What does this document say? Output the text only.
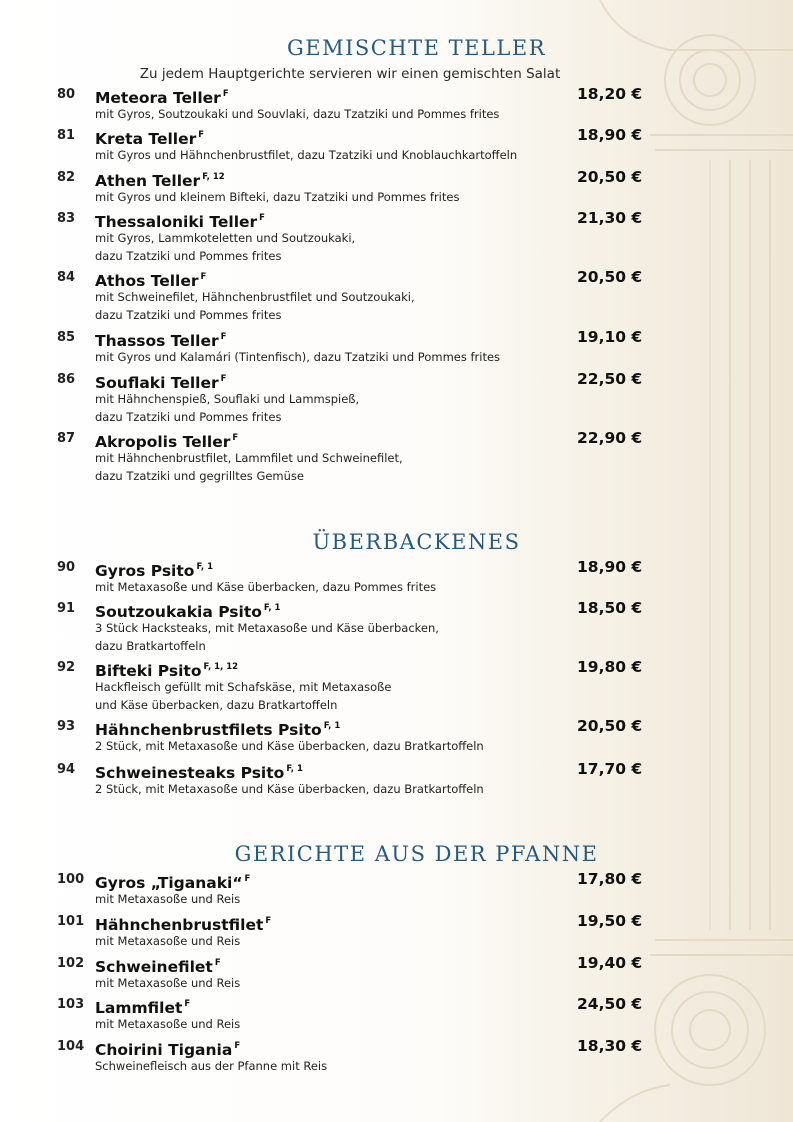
GEMISCHTE TELLER
Zu jedem Hauptgerichte servieren wir einen gemischten Salat
80 Meteora Teller $^F$	18,20 €
mit Gyros, Soutzoukaki und Souvlaki, dazu Tzatziki und Pommes frites
81 Kreta Teller $^F$	18,90 €
mit Gyros und Hähnchenbrustfilet, dazu Tzatziki und Knoblauchkartoffeln
82 Athen Teller $^{F, 12}$	20,50 €
mit Gyros und kleinem Bifteki, dazu Tzatziki und Pommes frites
83 Thessaloniki Teller $^F$	21,30 €
mit Gyros, Lammkoteletten und Soutzoukaki,
dazu Tzatziki und Pommes frites
84 Athos Teller $^F$	20,50 €
mit Schweinefilet, Hähnchenbrustfilet und Soutzoukaki,
dazu Tzatziki und Pommes frites
85 Thassos Teller $^F$	19,10 €
mit Gyros und Kalamári (Tintenfisch), dazu Tzatziki und Pommes frites
86 Souflaki Teller $^F$	22,50 €
mit Hähnchenspieß, Souflaki und Lammspieß,
dazu Tzatziki und Pommes frites
87 Akropolis Teller $^F$	22,90 €
mit Hähnchenbrustfilet, Lammfilet und Schweinefilet,
dazu Tzatziki und gegrilltes Gemüse
ÜBERBACKENES
90 Gyros Psito $^{F, 1}$	18,90 €
mit Metaxasoße und Käse überbacken, dazu Pommes frites
91 Soutzoukakia Psito $^{F, 1}$	18,50 €
3 Stück Hacksteaks, mit Metaxasoße und Käse überbacken,
dazu Bratkartoffeln
92 Bifteki Psito $^{F, 1, 12}$	19,80 €
Hackfleisch gefüllt mit Schafskäse, mit Metaxasoße
und Käse überbacken, dazu Bratkartoffeln
93 Hähnchenbrustfilets Psito $^{F, 1}$	20,50 €
2 Stück, mit Metaxasoße und Käse überbacken, dazu Bratkartoffeln
94 Schweinesteaks Psito $^{F, 1}$	17,70 €
2 Stück, mit Metaxasoße und Käse überbacken, dazu Bratkartoffeln
GERICHTE AUS DER PFANNE
100 Gyros „Tiganaki“ $^F$	17,80 €
mit Metaxasoße und Reis
101 Hähnchenbrustfilet $^F$	19,50 €
mit Metaxasoße und Reis
102 Schweinefilet $^F$	19,40 €
mit Metaxasoße und Reis
103 Lammfilet $^F$	24,50 €
mit Metaxasoße und Reis
104 Choirini Tigania $^F$	18,30 €
Schweinefleisch aus der Pfanne mit Reis
